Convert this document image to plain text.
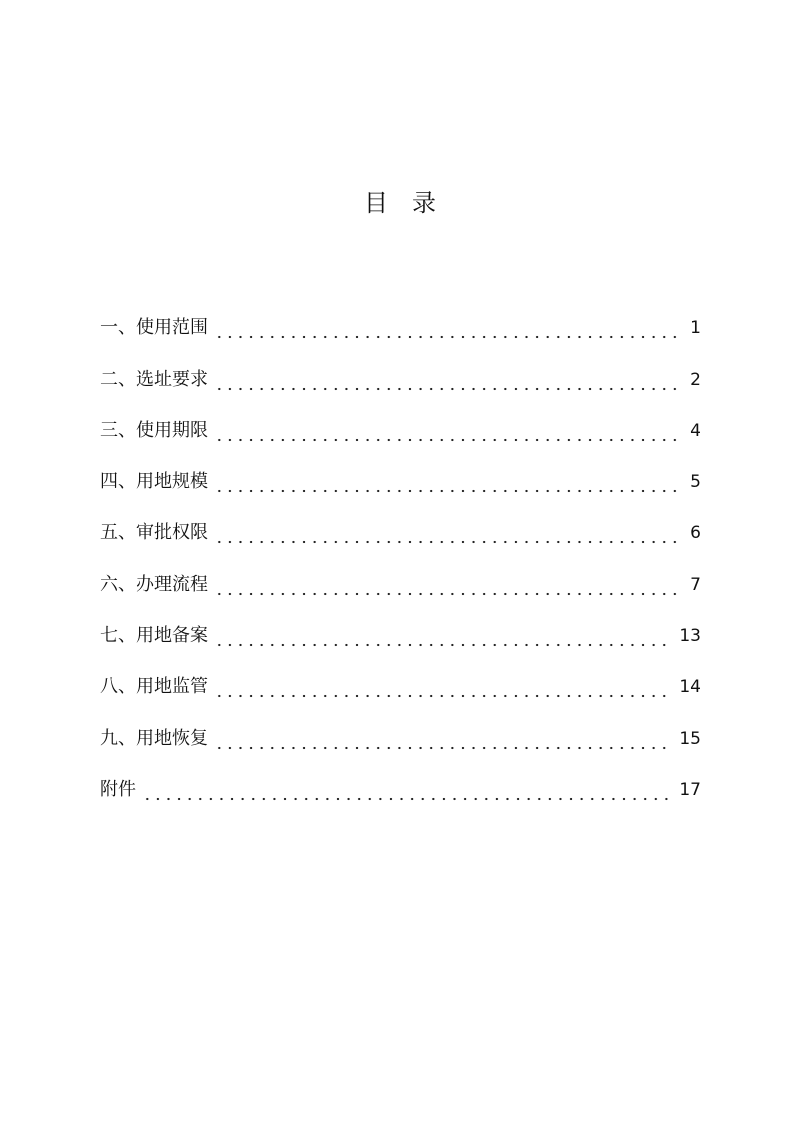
目录
一、使用范围	1
二、选址要求	2
三、使用期限	4
四、用地规模	5
五、审批权限	6
六、办理流程	7
七、用地备案	13
八、用地监管	14
九、用地恢复	15
附件	17
